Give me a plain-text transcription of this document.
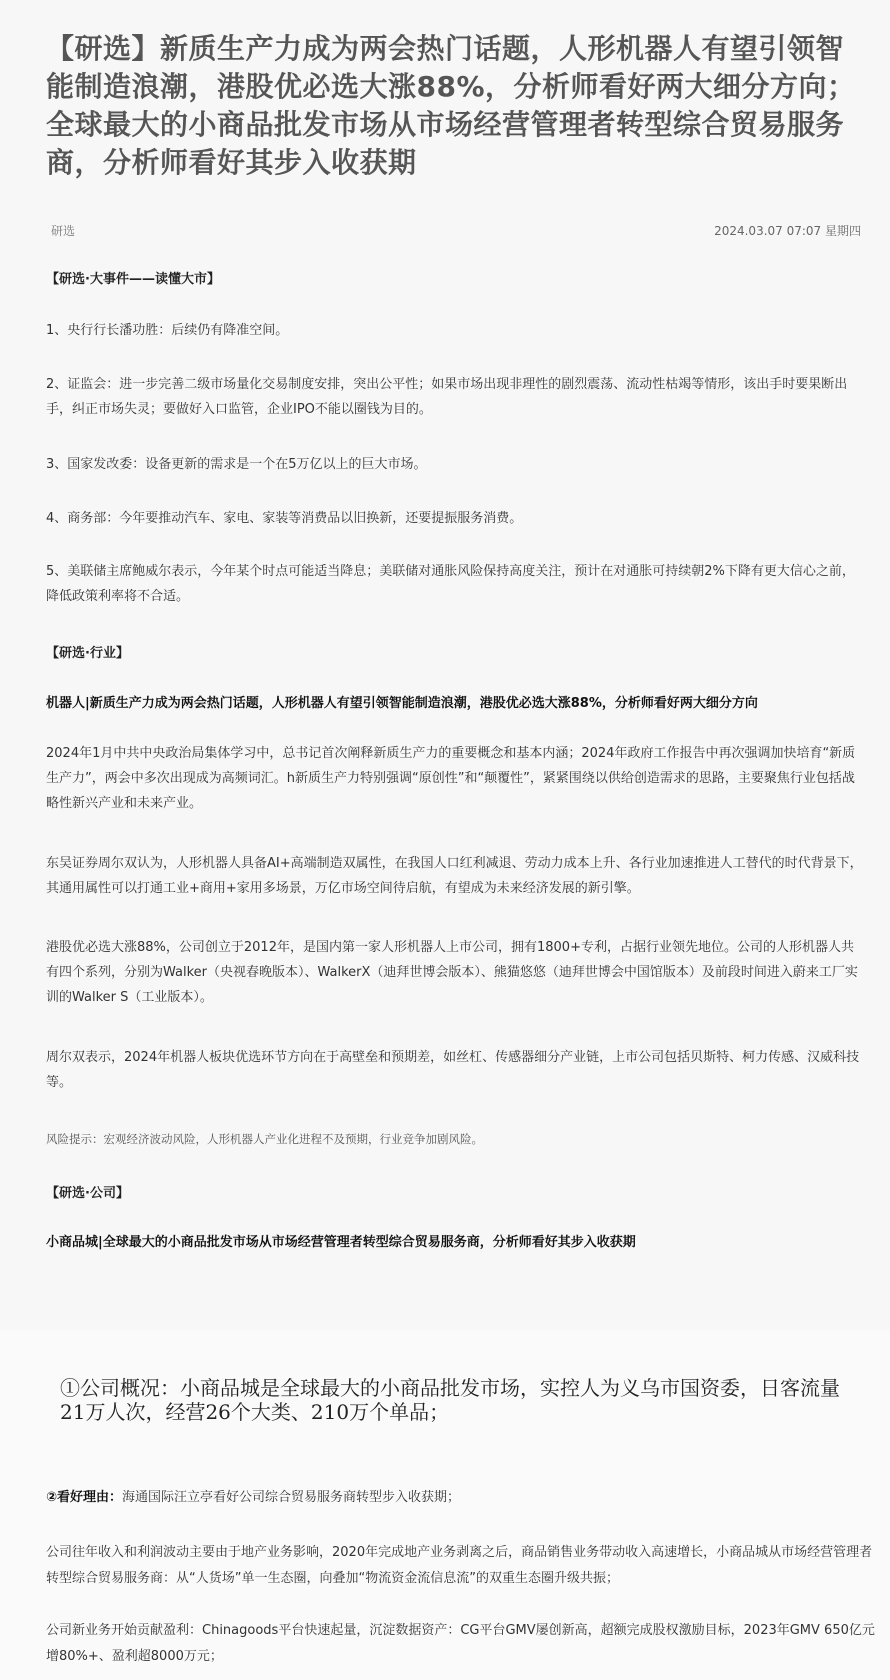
【研选】新质生产力成为两会热门话题，人形机器人有望引领智能制造浪潮，港股优必选大涨88%，分析师看好两大细分方向；全球最大的小商品批发市场从市场经营管理者转型综合贸易服务商，分析师看好其步入收获期
研选	2024.03.07 07:07 星期四

【研选·大事件——读懂大市】

1、央行行长潘功胜：后续仍有降准空间。

2、证监会：进一步完善二级市场量化交易制度安排，突出公平性；如果市场出现非理性的剧烈震荡、流动性枯竭等情形，该出手时要果断出手，纠正市场失灵；要做好入口监管，企业IPO不能以圈钱为目的。

3、国家发改委：设备更新的需求是一个在5万亿以上的巨大市场。

4、商务部：今年要推动汽车、家电、家装等消费品以旧换新，还要提振服务消费。

5、美联储主席鲍威尔表示，今年某个时点可能适当降息；美联储对通胀风险保持高度关注，预计在对通胀可持续朝2%下降有更大信心之前，降低政策利率将不合适。

【研选·行业】

机器人|新质生产力成为两会热门话题，人形机器人有望引领智能制造浪潮，港股优必选大涨88%，分析师看好两大细分方向

2024年1月中共中央政治局集体学习中，总书记首次阐释新质生产力的重要概念和基本内涵；2024年政府工作报告中再次强调加快培育“新质生产力”，两会中多次出现成为高频词汇。h新质生产力特别强调“原创性”和“颠覆性”，紧紧围绕以供给创造需求的思路，主要聚焦行业包括战略性新兴产业和未来产业。

东吴证券周尔双认为，人形机器人具备AI+高端制造双属性，在我国人口红利减退、劳动力成本上升、各行业加速推进人工替代的时代背景下，其通用属性可以打通工业+商用+家用多场景，万亿市场空间待启航，有望成为未来经济发展的新引擎。

港股优必选大涨88%，公司创立于2012年，是国内第一家人形机器人上市公司，拥有1800+专利，占据行业领先地位。公司的人形机器人共有四个系列，分别为Walker（央视春晚版本）、WalkerX（迪拜世博会版本）、熊猫悠悠（迪拜世博会中国馆版本）及前段时间进入蔚来工厂实训的Walker S（工业版本）。

周尔双表示，2024年机器人板块优选环节方向在于高壁垒和预期差，如丝杠、传感器细分产业链，上市公司包括贝斯特、柯力传感、汉威科技等。

风险提示：宏观经济波动风险，人形机器人产业化进程不及预期，行业竞争加剧风险。

【研选·公司】

小商品城|全球最大的小商品批发市场从市场经营管理者转型综合贸易服务商，分析师看好其步入收获期

①公司概况：小商品城是全球最大的小商品批发市场，实控人为义乌市国资委，日客流量21万人次，经营26个大类、210万个单品；

②看好理由：海通国际汪立亭看好公司综合贸易服务商转型步入收获期；

公司往年收入和利润波动主要由于地产业务影响，2020年完成地产业务剥离之后，商品销售业务带动收入高速增长，小商品城从市场经营管理者转型综合贸易服务商：从“人货场”单一生态圈，向叠加“物流资金流信息流”的双重生态圈升级共振；

公司新业务开始贡献盈利：Chinagoods平台快速起量，沉淀数据资产：CG平台GMV屡创新高，超额完成股权激励目标，2023年GMV 650亿元增80%+、盈利超8000万元；
